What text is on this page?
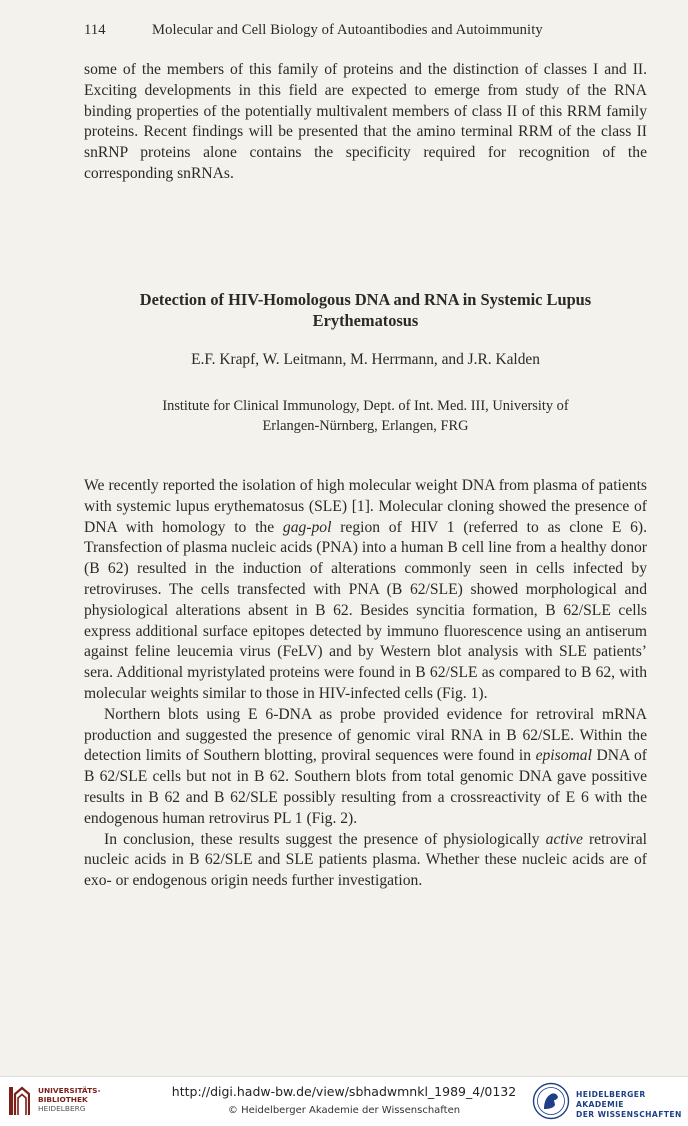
114	Molecular and Cell Biology of Autoantibodies and Autoimmunity

some of the members of this family of proteins and the distinction of classes I and II. Exciting developments in this field are expected to emerge from study of the RNA binding properties of the potentially multivalent members of class II of this RRM family proteins. Recent findings will be presented that the amino terminal RRM of the class II snRNP proteins alone contains the specificity required for recognition of the corresponding snRNAs.

Detection of HIV-Homologous DNA and RNA in Systemic Lupus
Erythematosus
E.F. Krapf, W. Leitmann, M. Herrmann, and J.R. Kalden
Institute for Clinical Immunology, Dept. of Int. Med. III, University of
Erlangen-Nürnberg, Erlangen, FRG

We recently reported the isolation of high molecular weight DNA from plasma of patients with systemic lupus erythematosus (SLE) [1]. Molecular cloning showed the presence of DNA with homology to the gag-pol region of HIV 1 (referred to as clone E 6). Transfection of plasma nucleic acids (PNA) into a human B cell line from a healthy donor (B 62) resulted in the induction of alterations commonly seen in cells infected by retroviruses. The cells transfected with PNA (B 62/SLE) showed morphological and physiological alterations absent in B 62. Besides syncitia formation, B 62/SLE cells express additional surface epitopes detected by immuno fluorescence using an antiserum against feline leucemia virus (FeLV) and by Western blot analysis with SLE patients’ sera. Additional myristylated proteins were found in B 62/SLE as compared to B 62, with molecular weights similar to those in HIV-infected cells (Fig. 1).

Northern blots using E 6-DNA as probe provided evidence for retroviral mRNA production and suggested the presence of genomic viral RNA in B 62/SLE. Within the detection limits of Southern blotting, proviral sequences were found in episomal DNA of B 62/SLE cells but not in B 62. Southern blots from total genomic DNA gave possitive results in B 62 and B 62/SLE possibly resulting from a crossreactivity of E 6 with the endogenous human retrovirus PL 1 (Fig. 2).

In conclusion, these results suggest the presence of physiologically active retroviral nucleic acids in B 62/SLE and SLE patients plasma. Whether these nucleic acids are of exo- or endogenous origin needs further investigation.

UNIVERSITÄTS-
BIBLIOTHEK
HEIDELBERG
http://digi.hadw-bw.de/view/sbhadwmnkl_1989_4/0132
© Heidelberger Akademie der Wissenschaften
HEIDELBERGER AKADEMIE
DER WISSENSCHAFTEN
